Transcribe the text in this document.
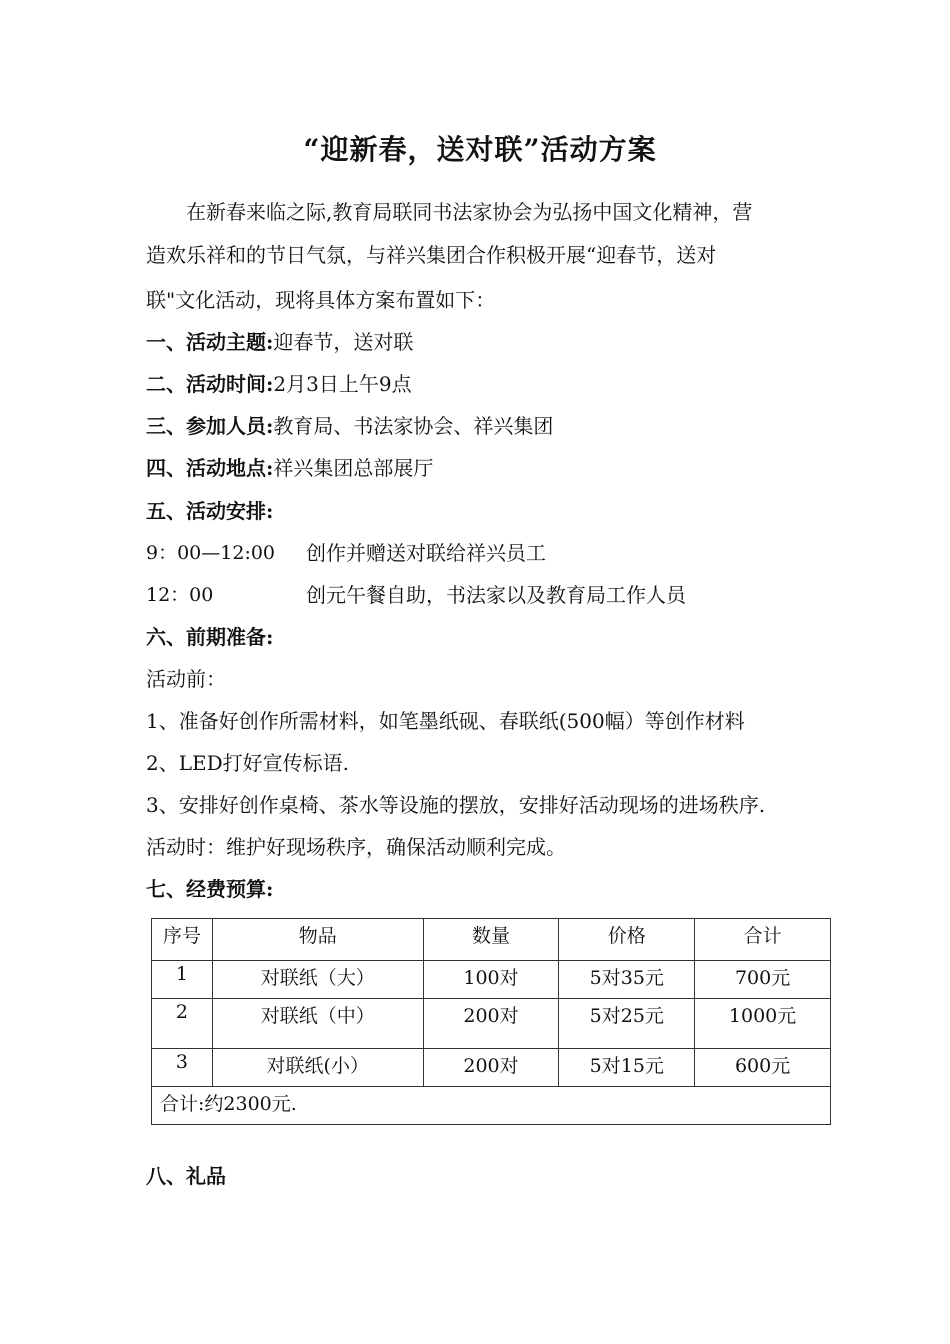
“迎新春，送对联”活动方案
在新春来临之际,教育局联同书法家协会为弘扬中国文化精神，营
造欢乐祥和的节日气氛，与祥兴集团合作积极开展“迎春节，送对
联"文化活动，现将具体方案布置如下：
一、活动主题:迎春节，送对联
二、活动时间:2月3日上午9点
三、参加人员:教育局、书法家协会、祥兴集团
四、活动地点:祥兴集团总部展厅
五、活动安排:
9：00—12:00 创作并赠送对联给祥兴员工
12：00	创元午餐自助，书法家以及教育局工作人员
六、前期准备:
活动前：
1、准备好创作所需材料，如笔墨纸砚、春联纸(500幅）等创作材料
2、LED打好宣传标语.
3、安排好创作桌椅、茶水等设施的摆放，安排好活动现场的进场秩序.
活动时：维护好现场秩序，确保活动顺利完成。
七、经费预算:
序号	物品	数量	价格	合计
1	对联纸（大）	100对	5对35元	700元
2	对联纸（中）	200对	5对25元	1000元
3	对联纸(小）	200对	5对15元	600元
合计:约2300元.				
八、礼品
